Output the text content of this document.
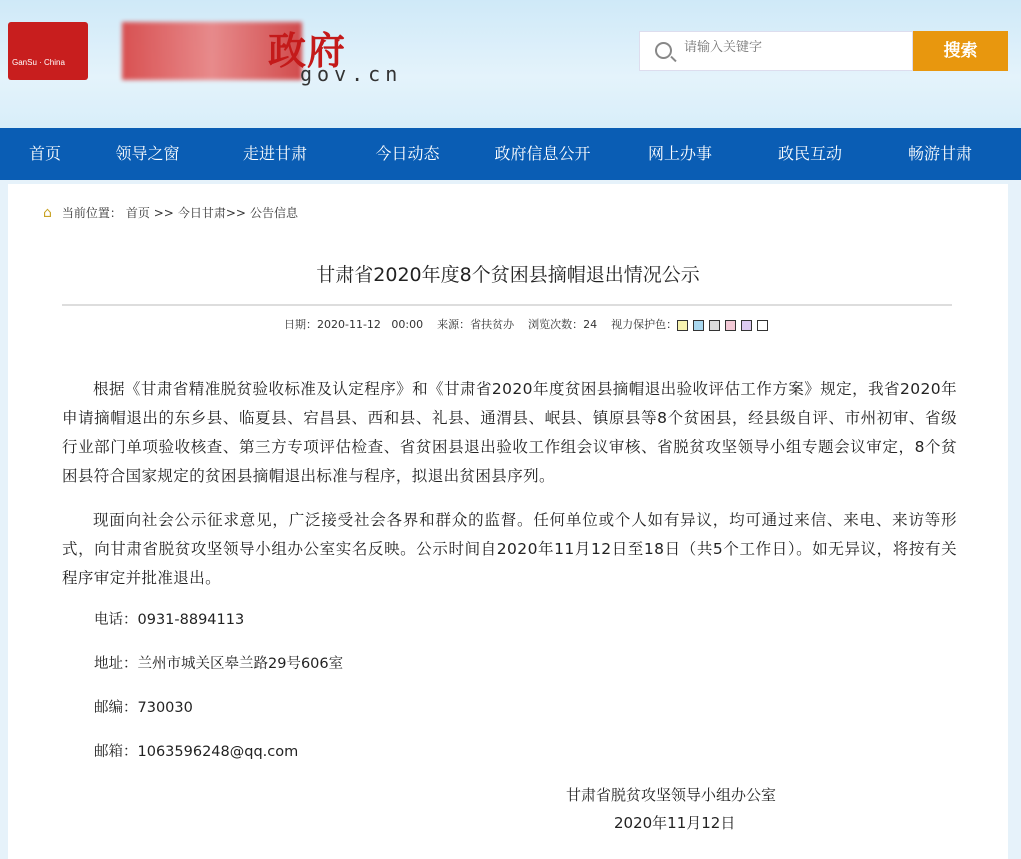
GanSu · China	政府
gov.cn
请输入关键字
搜索
首页	领导之窗	走进甘肃	今日动态	政府信息公开	网上办事	政民互动	畅游甘肃
⌂ 当前位置： 首页 >> 今日甘肃>> 公告信息
甘肃省2020年度8个贫困县摘帽退出情况公示
日期：2020-11-12   00:00 来源：省扶贫办 浏览次数：24 视力保护色：

根据《甘肃省精准脱贫验收标准及认定程序》和《甘肃省2020年度贫困县摘帽退出验收评估工作方案》规定，我省2020年申请摘帽退出的东乡县、临夏县、宕昌县、西和县、礼县、通渭县、岷县、镇原县等8个贫困县，经县级自评、市州初审、省级行业部门单项验收核查、第三方专项评估检查、省贫困县退出验收工作组会议审核、省脱贫攻坚领导小组专题会议审定，8个贫困县符合国家规定的贫困县摘帽退出标准与程序，拟退出贫困县序列。

现面向社会公示征求意见，广泛接受社会各界和群众的监督。任何单位或个人如有异议，均可通过来信、来电、来访等形式，向甘肃省脱贫攻坚领导小组办公室实名反映。公示时间自2020年11月12日至18日（共5个工作日）。如无异议，将按有关程序审定并批准退出。

电话：0931-8894113
地址：兰州市城关区皋兰路29号606室
邮编：730030
邮箱：1063596248@qq.com
甘肃省脱贫攻坚领导小组办公室
2020年11月12日
